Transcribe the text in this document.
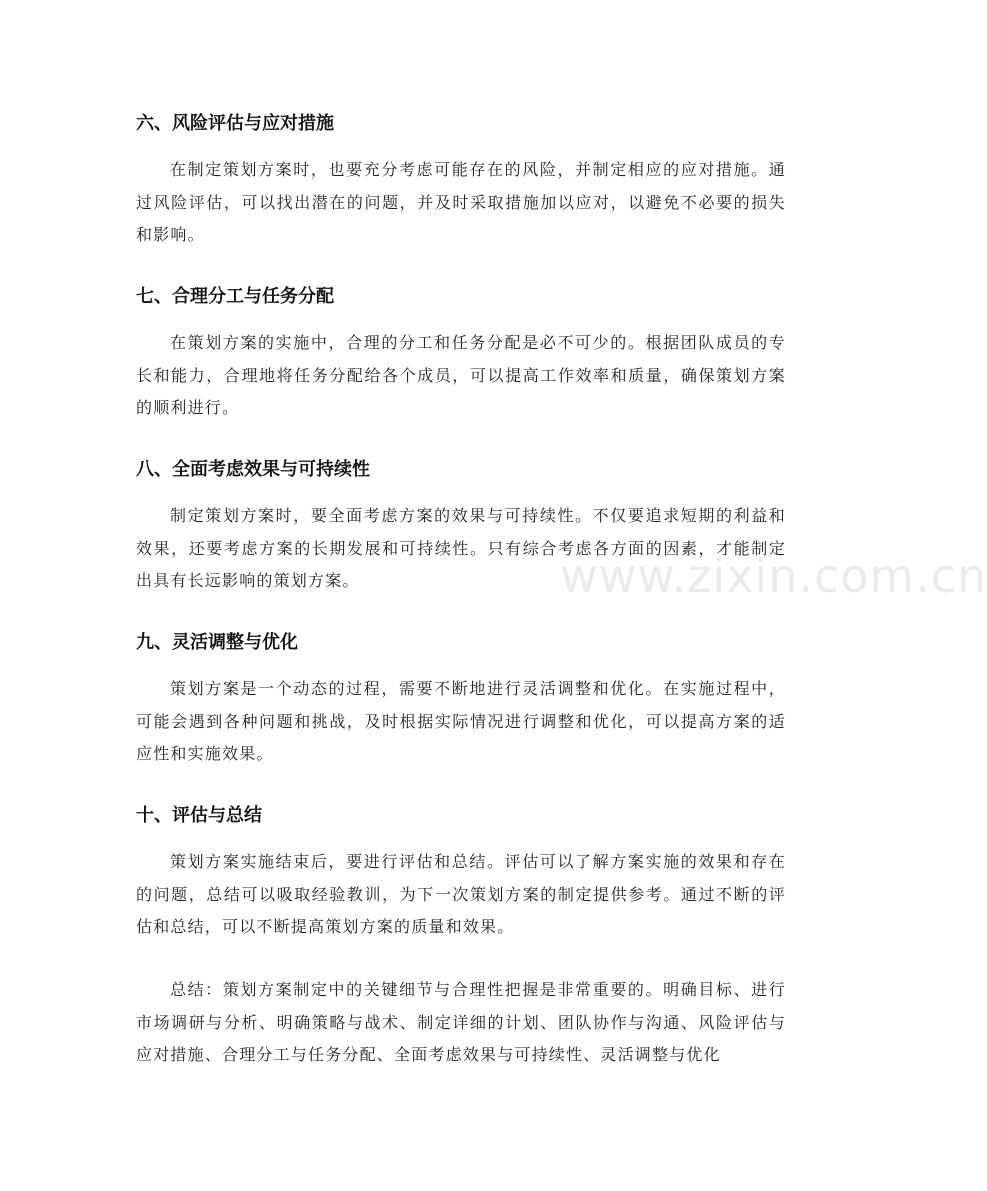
六、风险评估与应对措施
在制定策划方案时，也要充分考虑可能存在的风险，并制定相应的应对措施。通过风险评估，可以找出潜在的问题，并及时采取措施加以应对，以避免不必要的损失和影响。
七、合理分工与任务分配
在策划方案的实施中，合理的分工和任务分配是必不可少的。根据团队成员的专长和能力，合理地将任务分配给各个成员，可以提高工作效率和质量，确保策划方案的顺利进行。
八、全面考虑效果与可持续性
制定策划方案时，要全面考虑方案的效果与可持续性。不仅要追求短期的利益和效果，还要考虑方案的长期发展和可持续性。只有综合考虑各方面的因素，才能制定出具有长远影响的策划方案。
九、灵活调整与优化
策划方案是一个动态的过程，需要不断地进行灵活调整和优化。在实施过程中，可能会遇到各种问题和挑战，及时根据实际情况进行调整和优化，可以提高方案的适应性和实施效果。
十、评估与总结
策划方案实施结束后，要进行评估和总结。评估可以了解方案实施的效果和存在的问题，总结可以吸取经验教训，为下一次策划方案的制定提供参考。通过不断的评估和总结，可以不断提高策划方案的质量和效果。
总结：策划方案制定中的关键细节与合理性把握是非常重要的。明确目标、进行市场调研与分析、明确策略与战术、制定详细的计划、团队协作与沟通、风险评估与应对措施、合理分工与任务分配、全面考虑效果与可持续性、灵活调整与优化
www.zixin.com.cn
